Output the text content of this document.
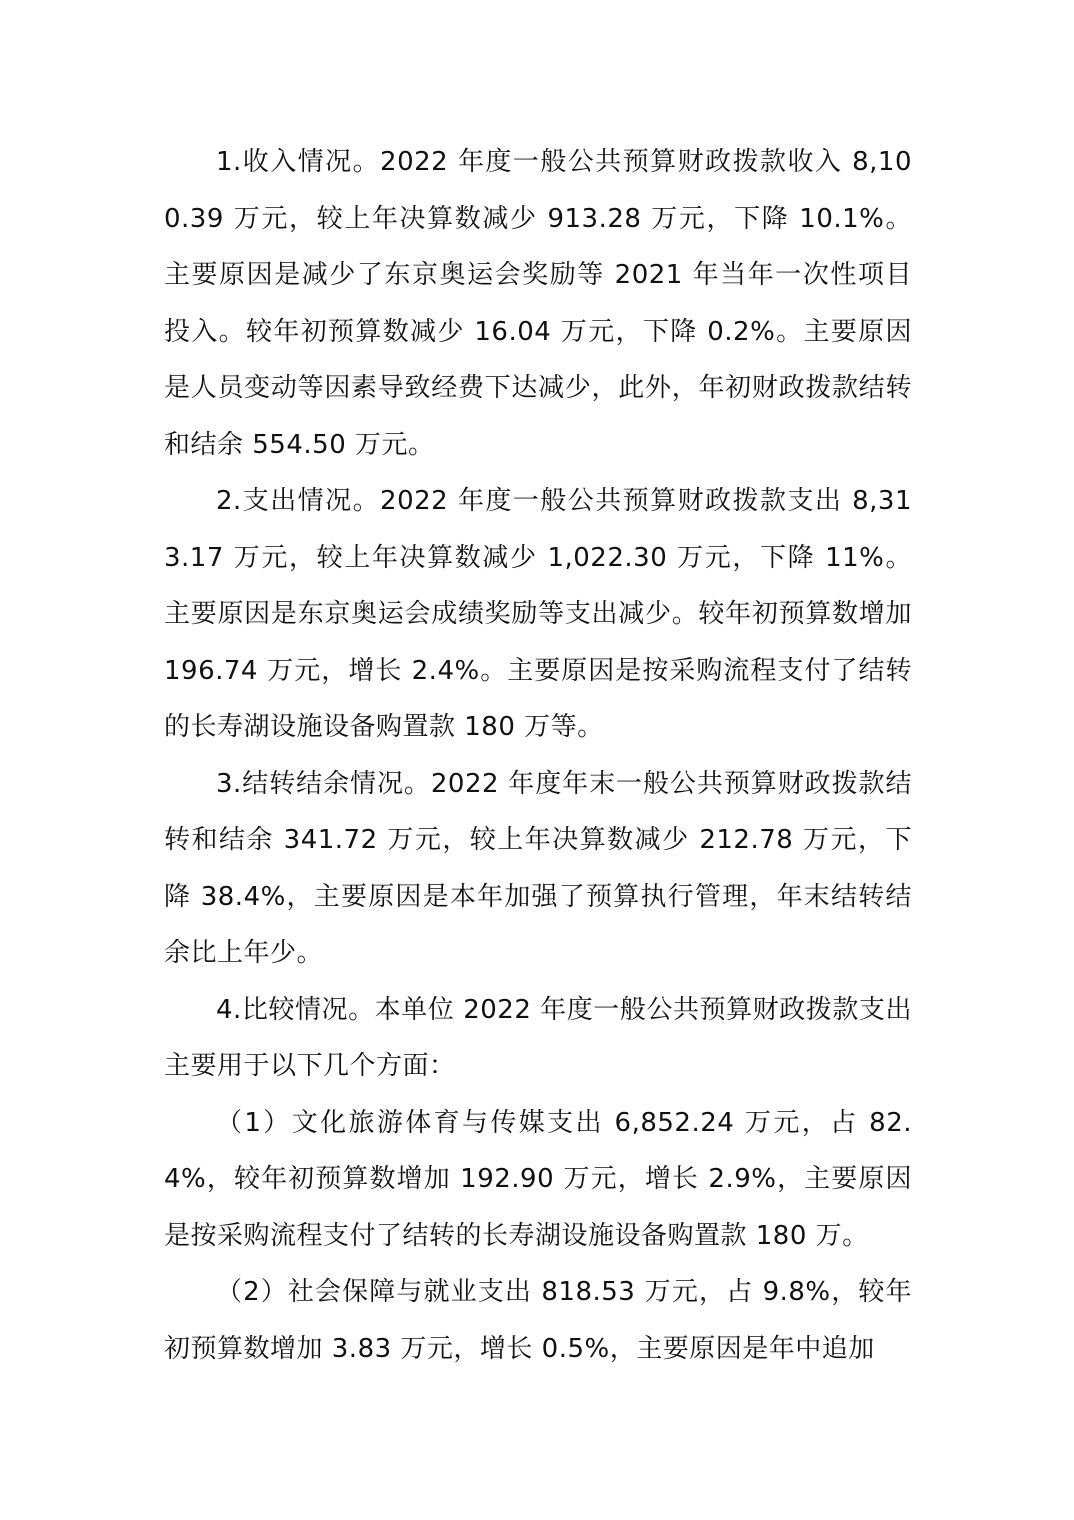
1.收入情况。2022 年度一般公共预算财政拨款收入 8,100.39 万元，较上年决算数减少 913.28 万元，下降 10.1%。主要原因是减少了东京奥运会奖励等 2021 年当年一次性项目投入。较年初预算数减少 16.04 万元，下降 0.2%。主要原因是人员变动等因素导致经费下达减少，此外，年初财政拨款结转和结余 554.50 万元。

2.支出情况。2022 年度一般公共预算财政拨款支出 8,313.17 万元，较上年决算数减少 1,022.30 万元，下降 11%。主要原因是东京奥运会成绩奖励等支出减少。较年初预算数增加 196.74 万元，增长 2.4%。主要原因是按采购流程支付了结转的长寿湖设施设备购置款 180 万等。

3.结转结余情况。2022 年度年末一般公共预算财政拨款结转和结余 341.72 万元，较上年决算数减少 212.78 万元，下降 38.4%，主要原因是本年加强了预算执行管理，年末结转结余比上年少。

4.比较情况。本单位 2022 年度一般公共预算财政拨款支出主要用于以下几个方面：

（1）文化旅游体育与传媒支出 6,852.24 万元，占 82.4%，较年初预算数增加 192.90 万元，增长 2.9%，主要原因是按采购流程支付了结转的长寿湖设施设备购置款 180 万。

（2）社会保障与就业支出 818.53 万元，占 9.8%，较年初预算数增加 3.83 万元，增长 0.5%，主要原因是年中追加
